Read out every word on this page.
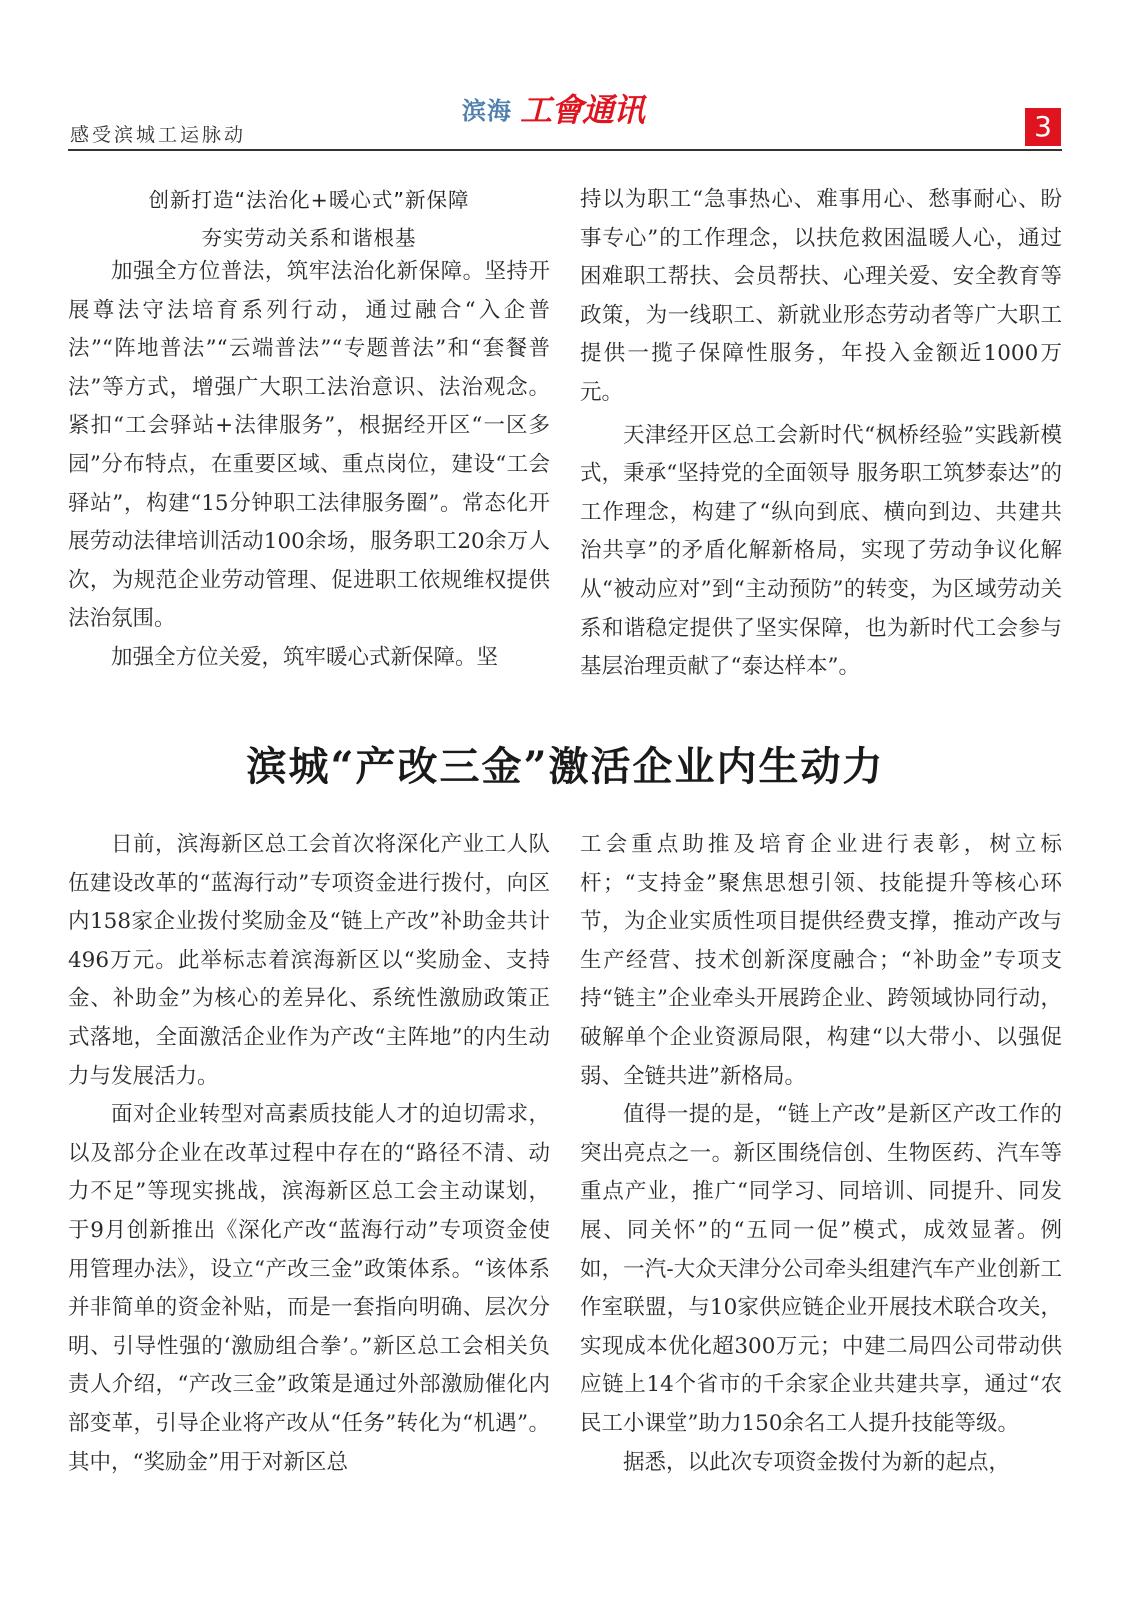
感受滨城工运脉动
滨海 工會通讯	3
创新打造“法治化+暖心式”新保障
夯实劳动关系和谐根基

加强全方位普法，筑牢法治化新保障。坚持开展尊法守法培育系列行动，通过融合“入企普法”“阵地普法”“云端普法”“专题普法”和“套餐普法”等方式，增强广大职工法治意识、法治观念。紧扣“工会驿站+法律服务”，根据经开区“一区多园”分布特点，在重要区域、重点岗位，建设“工会驿站”，构建“15分钟职工法律服务圈”。常态化开展劳动法律培训活动100余场，服务职工20余万人次，为规范企业劳动管理、促进职工依规维权提供法治氛围。

加强全方位关爱，筑牢暖心式新保障。坚

持以为职工“急事热心、难事用心、愁事耐心、盼事专心”的工作理念，以扶危救困温暖人心，通过困难职工帮扶、会员帮扶、心理关爱、安全教育等政策，为一线职工、新就业形态劳动者等广大职工提供一揽子保障性服务，年投入金额近1000万元。

天津经开区总工会新时代“枫桥经验”实践新模式，秉承“坚持党的全面领导 服务职工筑梦泰达”的工作理念，构建了“纵向到底、横向到边、共建共治共享”的矛盾化解新格局，实现了劳动争议化解从“被动应对”到“主动预防”的转变，为区域劳动关系和谐稳定提供了坚实保障，也为新时代工会参与基层治理贡献了“泰达样本”。

滨城“产改三金”激活企业内生动力

日前，滨海新区总工会首次将深化产业工人队伍建设改革的“蓝海行动”专项资金进行拨付，向区内158家企业拨付奖励金及“链上产改”补助金共计496万元。此举标志着滨海新区以“奖励金、支持金、补助金”为核心的差异化、系统性激励政策正式落地，全面激活企业作为产改“主阵地”的内生动力与发展活力。

面对企业转型对高素质技能人才的迫切需求，以及部分企业在改革过程中存在的“路径不清、动力不足”等现实挑战，滨海新区总工会主动谋划，于9月创新推出《深化产改“蓝海行动”专项资金使用管理办法》，设立“产改三金”政策体系。“该体系并非简单的资金补贴，而是一套指向明确、层次分明、引导性强的‘激励组合拳’。”新区总工会相关负责人介绍，“产改三金”政策是通过外部激励催化内部变革，引导企业将产改从“任务”转化为“机遇”。其中，“奖励金”用于对新区总

工会重点助推及培育企业进行表彰，树立标杆；“支持金”聚焦思想引领、技能提升等核心环节，为企业实质性项目提供经费支撑，推动产改与生产经营、技术创新深度融合；“补助金”专项支持“链主”企业牵头开展跨企业、跨领域协同行动，破解单个企业资源局限，构建“以大带小、以强促弱、全链共进”新格局。

值得一提的是，“链上产改”是新区产改工作的突出亮点之一。新区围绕信创、生物医药、汽车等重点产业，推广“同学习、同培训、同提升、同发展、同关怀”的“五同一促”模式，成效显著。例如，一汽-大众天津分公司牵头组建汽车产业创新工作室联盟，与10家供应链企业开展技术联合攻关，实现成本优化超300万元；中建二局四公司带动供应链上14个省市的千余家企业共建共享，通过“农民工小课堂”助力150余名工人提升技能等级。

据悉，以此次专项资金拨付为新的起点，
